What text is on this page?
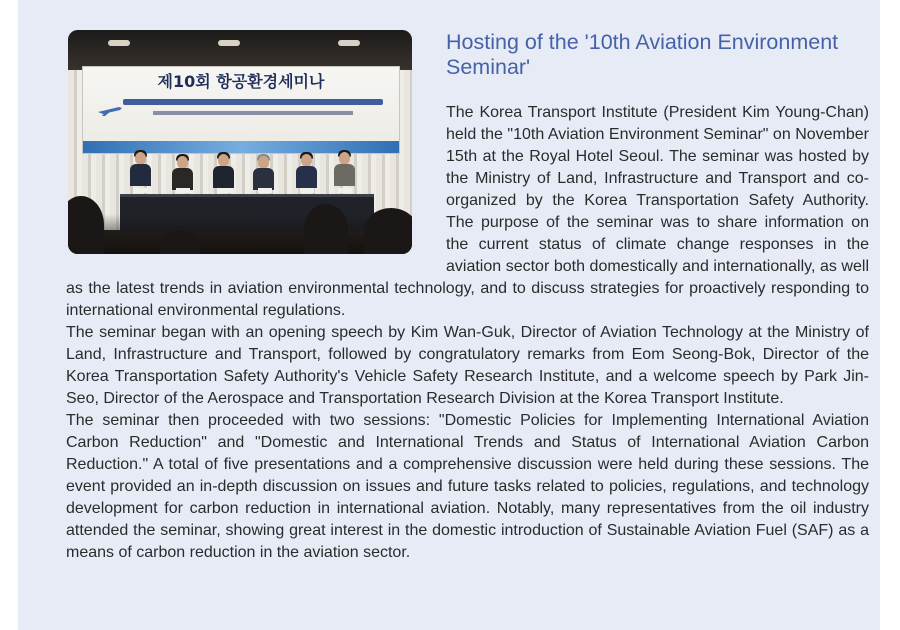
제10회 항공환경세미나
Hosting of the '10th Aviation Environment Seminar'

The Korea Transport Institute (President Kim Young-Chan) held the "10th Aviation Environment Seminar" on November 15th at the Royal Hotel Seoul. The seminar was hosted by the Ministry of Land, Infrastructure and Transport and co-organized by the Korea Transportation Safety Authority. The purpose of the seminar was to share information on the current status of climate change responses in the aviation sector both domestically and internationally, as well as the latest trends in aviation environmental technology, and to discuss strategies for proactively responding to international environmental regulations.

The seminar began with an opening speech by Kim Wan-Guk, Director of Aviation Technology at the Ministry of Land, Infrastructure and Transport, followed by congratulatory remarks from Eom Seong-Bok, Director of the Korea Transportation Safety Authority's Vehicle Safety Research Institute, and a welcome speech by Park Jin-Seo, Director of the Aerospace and Transportation Research Division at the Korea Transport Institute.

The seminar then proceeded with two sessions: "Domestic Policies for Implementing International Aviation Carbon Reduction" and "Domestic and International Trends and Status of International Aviation Carbon Reduction." A total of five presentations and a comprehensive discussion were held during these sessions. The event provided an in-depth discussion on issues and future tasks related to policies, regulations, and technology development for carbon reduction in international aviation. Notably, many representatives from the oil industry attended the seminar, showing great interest in the domestic introduction of Sustainable Aviation Fuel (SAF) as a means of carbon reduction in the aviation sector.
